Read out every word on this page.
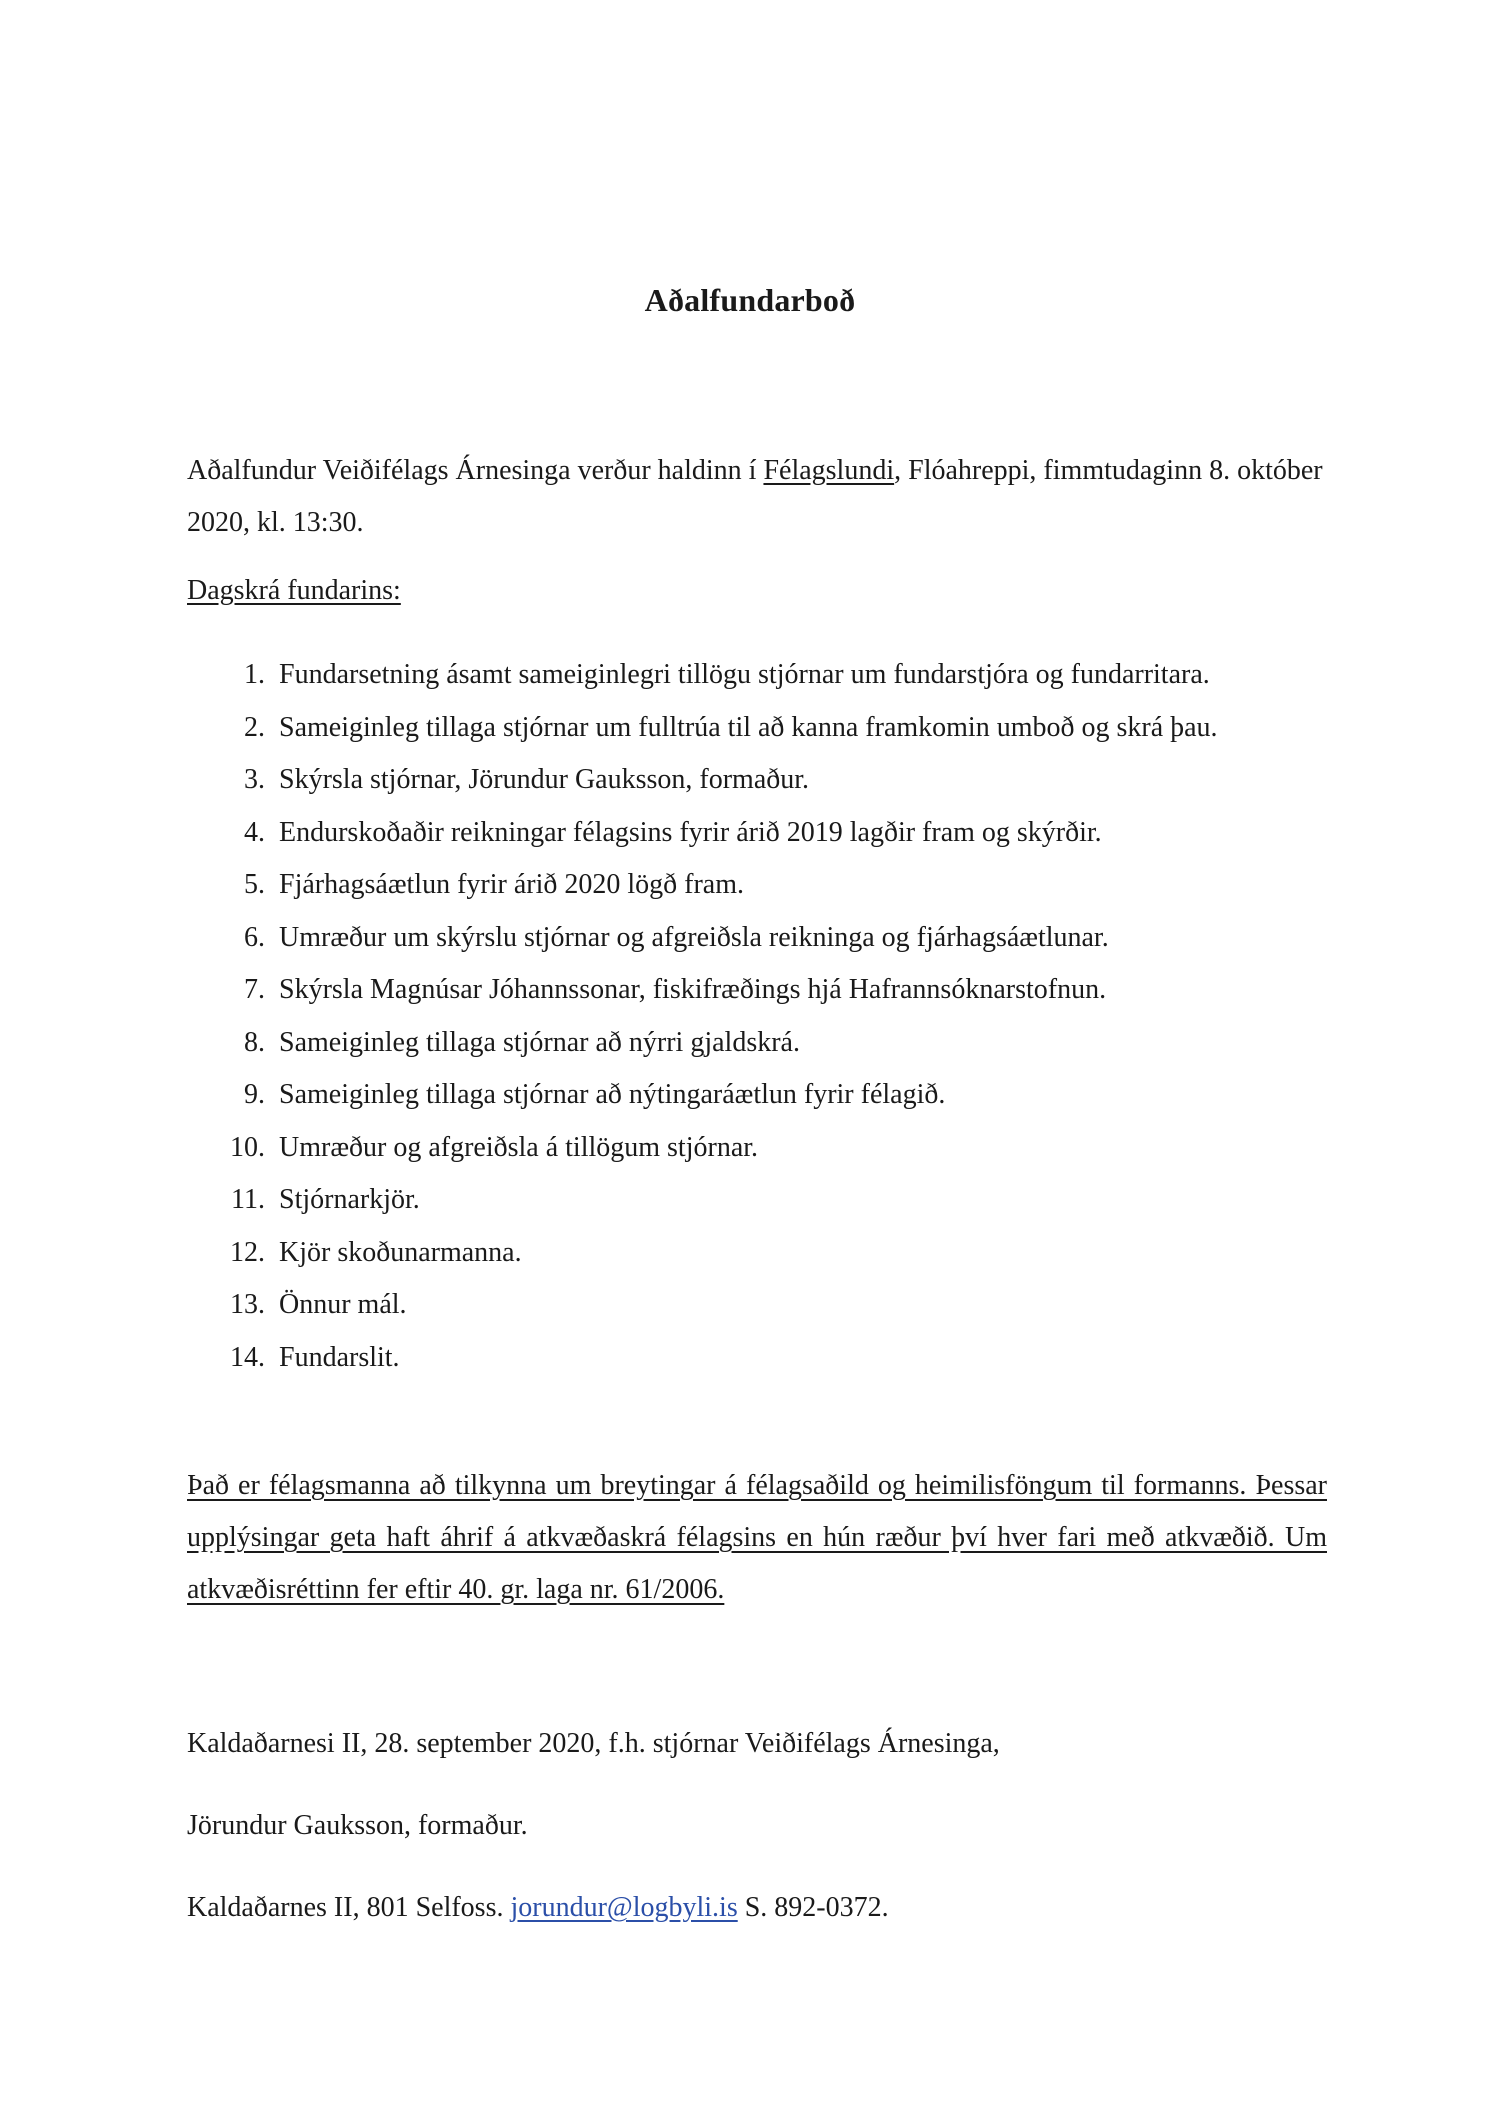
Aðalfundarboð
Aðalfundur Veiðifélags Árnesinga verður haldinn í Félagslundi, Flóahreppi, fimmtudaginn 8. október 2020, kl. 13:30.
Dagskrá fundarins:
1. Fundarsetning ásamt sameiginlegri tillögu stjórnar um fundarstjóra og fundarritara.
2. Sameiginleg tillaga stjórnar um fulltrúa til að kanna framkomin umboð og skrá þau.
3. Skýrsla stjórnar, Jörundur Gauksson, formaður.
4. Endurskoðaðir reikningar félagsins fyrir árið 2019 lagðir fram og skýrðir.
5. Fjárhagsáætlun fyrir árið 2020 lögð fram.
6. Umræður um skýrslu stjórnar og afgreiðsla reikninga og fjárhagsáætlunar.
7. Skýrsla Magnúsar Jóhannssonar, fiskifræðings hjá Hafrannsóknarstofnun.
8. Sameiginleg tillaga stjórnar að nýrri gjaldskrá.
9. Sameiginleg tillaga stjórnar að nýtingaráætlun fyrir félagið.
10. Umræður og afgreiðsla á tillögum stjórnar.
11. Stjórnarkjör.
12. Kjör skoðunarmanna.
13. Önnur mál.
14. Fundarslit.
Það er félagsmanna að tilkynna um breytingar á félagsaðild og heimilisföngum til formanns. Þessar upplýsingar geta haft áhrif á atkvæðaskrá félagsins en hún ræður því hver fari með atkvæðið. Um atkvæðisréttinn fer eftir 40. gr. laga nr. 61/2006.
Kaldaðarnesi II, 28. september 2020, f.h. stjórnar Veiðifélags Árnesinga,
Jörundur Gauksson, formaður.
Kaldaðarnes II, 801 Selfoss. jorundur@logbyli.is S. 892-0372.
